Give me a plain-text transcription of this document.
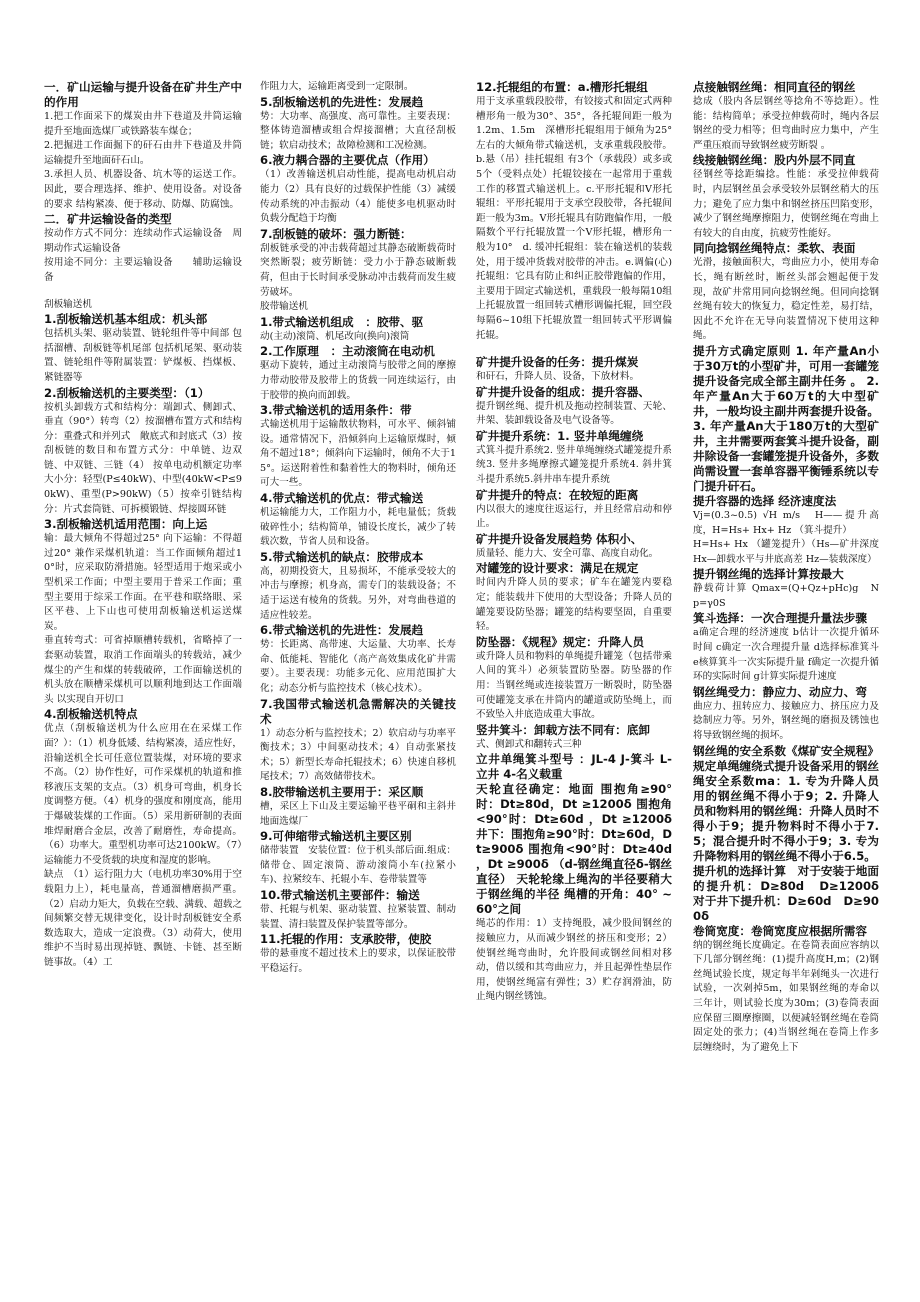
一．矿山运输与提升设备在矿井生产中的作用

1.把工作面采下的煤炭由井下巷道及井筒运输提升至地面选煤厂或铁路装车煤仓；

2.把掘进工作面掘下的矸石由井下巷道及井筒运输提升至地面矸石山。

3.承担人员、机器设备、坑木等的运送工作。因此，要合理选择、维护、使用设备。对设备的要求 结构紧凑、便于移动、防爆、防腐蚀。

二．矿井运输设备的类型

按动作方式不同分：连续动作式运输设备　周期动作式运输设备

按用途不同分：主要运输设备　　辅助运输设备

刮板输送机

1.刮板输送机基本组成：机头部

包括机头架、驱动装置、链轮组件等中间部 包括溜槽、刮板链等机尾部 包括机尾架、驱动装置、链轮组件等附属装置：铲煤板、挡煤板、紧链器等

2.刮板输送机的主要类型：（1）

按机头卸载方式和结构分：端卸式、侧卸式、垂直（90°）转弯（2）按溜槽布置方式和结构分：重叠式和并列式　敞底式和封底式（3）按刮板链的数目和布置方式分：中单链、边双链、中双链、三链（4） 按单电动机额定功率大小分：轻型(P≤40kW)、中型(40kW<P≤90kW)、重型(P>90kW)（5）按牵引链结构分：片式套筒链、可拆模锻链、焊接圆环链

3.刮板输送机适用范围：向上运

输：最大倾角不得超过25° 向下运输：不得超过20° 兼作采煤机轨道：当工作面倾角超过10°时，应采取防滑措施。轻型适用于炮采或小型机采工作面；中型主要用于普采工作面；重型主要用于综采工作面。在平巷和联络眼、采区平巷、上下山也可使用刮板输送机运送煤炭。

垂直转弯式：可省掉顺槽转载机，省略掉了一套驱动装置，取消工作面端头的转载站，减少煤尘的产生和煤的转载破碎，工作面输送机的机头放在顺槽采煤机可以顺利地到达工作面端头 以实现自开切口

4.刮板输送机特点

优点（刮板输送机为什么应用在在采煤工作面？）：（1）机身低矮、结构紧凑，适应性好，沿输送机全长可任意位置装煤，对环境的要求不高。（2）协作性好，可作采煤机的轨道和推移液压支架的支点。（3）机身可弯曲，机身长度调整方便。（4）机身的强度和刚度高，能用于爆破装煤的工作面。（5）采用新研制的表面堆焊耐磨合金层，改善了耐磨性，寿命提高。（6）功率大。重型机功率可达2100kW。（7）运输能力不受货载的块度和湿度的影响。

缺点　（1）运行阻力大（电机功率30%用于空载阻力上），耗电量高，普通溜槽磨损严重。（2）启动力矩大，负载在空载、满载、超载之间频繁交替无规律变化，设计时刮板链安全系数选取大，造成一定浪费。（3）动荷大，使用维护不当时易出现掉链、飘链、卡链、甚至断链事故。（4）工

作阻力大，运输距离受到一定限制。

5.刮板输送机的先进性：发展趋

势：大功率、高强度、高可靠性。主要表现：整体铸造溜槽或组合焊接溜槽；大直径刮板链；软启动技术；故障检测和工况检测。

6.液力耦合器的主要优点（作用）

（1）改善输送机启动性能，提高电动机启动能力（2）具有良好的过载保护性能（3）减缓传动系统的冲击振动（4）能使多电机驱动时负载分配趋于均衡

7.刮板链的破坏：强力断链：

刮板链承受的冲击载荷超过其静态破断载荷时突然断裂；疲劳断链：受力小于静态破断载荷，但由于长时间承受脉动冲击载荷而发生疲劳破坏。

胶带输送机

1.带式输送机组成　：胶带、驱

动(主动)滚筒、机尾改向(换向)滚筒

2.工作原理　：主动滚筒在电动机

驱动下旋转，通过主动滚筒与胶带之间的摩擦力带动胶带及胶带上的货载一同连续运行，由于胶带的换向而卸载。

3.带式输送机的适用条件：带

式输送机用于运输散状物料，可水平、倾斜铺设。通常情况下，沿倾斜向上运输原煤时，倾角不超过18°；倾斜向下运输时，倾角不大于15°。运送附着性和黏着性大的物料时，倾角还可大一些。

4.带式输送机的优点：带式输送

机运输能力大，工作阻力小，耗电量低；货载破碎性小；结构简单，铺设长度长，减少了转载次数，节省人员和设备。

5.带式输送机的缺点：胶带成本

高，初期投资大，且易损坏，不能承受较大的冲击与摩擦；机身高，需专门的装载设备；不适于运送有棱角的货载。另外，对弯曲巷道的适应性较差。

6.带式输送机的先进性：发展趋

势：长距离、高带速、大运量、大功率、长寿命、低能耗、智能化（高产高效集成化矿井需要）。主要表现：功能多元化、应用范围扩大化；动态分析与监控技术（核心技术）。

7.我国带式输送机急需解决的关键技术

1）动态分析与监控技术；2）软启动与功率平衡技术；3）中间驱动技术；4）自动张紧技术；5）新型长寿命托辊技术；6）快速自移机尾技术；7）高效储带技术。

8.胶带输送机主要用于：采区顺

槽，采区上下山及主要运输平巷平硐和主斜井 地面选煤厂

9.可伸缩带式输送机主要区别

储带装置　安装位置：位于机头部后面.组成：储带仓、固定滚筒、游动滚筒小车(拉紧小车)、拉紧绞车、托辊小车、卷带装置等

10.带式输送机主要部件：输送

带、托辊与机架、驱动装置、拉紧装置、制动装置、清扫装置及保护装置等部分。

11.托辊的作用：支承胶带，使胶

带的悬垂度不超过技术上的要求，以保证胶带平稳运行。

12.托辊组的布置：a.槽形托辊组

用于支承重载段胶带，有铰接式和固定式两种 槽形角一般为30°、35°，各托辊间距一般为1.2m、1.5m　深槽形托辊组用于倾角为25°左右的大倾角带式输送机，支承重载段胶带。b.悬（吊）挂托辊组 有3个（承载段）或多或5个（受料点处）托辊铰接在一起常用于重载工作的移置式输送机上。c.平形托辊和V形托辊组：平形托辊用于支承空段胶带，各托辊间距一般为3m。V形托辊具有防跑偏作用，一般隔数个平行托辊放置一个V形托辊，槽形角一般为10°　d. 缓冲托辊组：装在输送机的装载处，用于缓冲货载对胶带的冲击。e.调偏(心)托辊组：它具有防止和纠正胶带跑偏的作用，主要用于固定式输送机，重载段一般每隔10组上托辊放置一组回转式槽形调偏托辊，回空段每隔6~10组下托辊放置一组回转式平形调偏托辊。

矿井提升设备的任务：提升煤炭

和矸石，升降人员、设备，下放材料。

矿井提升设备的组成：提升容器、

提升钢丝绳、提升机及拖动控制装置、天轮、井架、装卸载设备及电气设备等。

矿井提升系统：1. 竖井单绳缠绕

式箕斗提升系统2. 竖井单绳缠绕式罐笼提升系统3. 竖井多绳摩擦式罐笼提升系统4. 斜井箕斗提升系统5.斜井串车提升系统

矿井提升的特点：在较短的距离

内以很大的速度往返运行，并且经常启动和停止。

矿井提升设备发展趋势 体积小、

质量轻、能力大、安全可靠、高度自动化。

对罐笼的设计要求：满足在规定

时间内升降人员的要求；矿车在罐笼内要稳定；能装载井下使用的大型设备；升降人员的罐笼要设防坠器；罐笼的结构要坚固，自重要轻。

防坠器：《规程》规定：升降人员

或升降人员和物料的单绳提升罐笼（包括带乘人间的箕斗）必须装置防坠器。防坠器的作用：当钢丝绳或连接装置万一断裂时，防坠器可使罐笼支承在井筒内的罐道或防坠绳上，而不致坠入井底造成重大事故。

竖井箕斗：卸载方法不同有：底卸

式、侧卸式和翻转式三种

立井单绳箕斗型号 ：JL-4 J-箕斗 L-立井 4-名义载重

天轮直径确定：地面 围抱角≥90°时：Dt≥80d，Dt ≥1200δ 围抱角<90°时：Dt≥60d ，Dt ≥1200δ　井下：围抱角≥90°时：Dt≥60d，Dt≥900δ 围抱角<90°时：Dt≥40d ，Dt ≥900δ （d-钢丝绳直径δ-钢丝直径） 天轮轮缘上绳沟的半径要稍大于钢丝绳的半径 绳槽的开角：40° ~ 60°之间

绳芯的作用：1）支持绳股，减少股间钢丝的接触应力，从而减少钢丝的挤压和变形；2）使钢丝绳弯曲时，允许股间或钢丝间相对移动，借以缓和其弯曲应力，并且起弹性垫层作用，使钢丝绳富有弹性；3）贮存润滑油，防止绳内钢丝锈蚀。

点接触钢丝绳：相同直径的钢丝

捻成（股内各层钢丝等捻角不等捻距）。性能：结构简单；承受拉伸载荷时，绳内各层钢丝的受力相等；但弯曲时应力集中，产生严重压痕而导致钢丝疲劳断裂 。

线接触钢丝绳：股内外层不同直

径钢丝等捻距编捻。性能：承受拉伸载荷时，内层钢丝虽会承受较外层钢丝稍大的压力；避免了应力集中和钢丝挤压凹陷变形，减少了钢丝绳摩擦阻力，使钢丝绳在弯曲上有较大的自由度，抗疲劳性能好。

同向捻钢丝绳特点：柔软、表面

光滑，接触面积大，弯曲应力小，使用寿命长，绳有断丝时，断丝头部会翘起便于发现，故矿井常用同向捻钢丝绳。但同向捻钢丝绳有较大的恢复力，稳定性差，易打结，因此不允许在无导向装置情况下使用这种绳。

提升方式确定原则 1. 年产量An小于30万t的小型矿井，可用一套罐笼提升设备完成全部主副井任务 。 2. 年产量An大于60万t的大中型矿井，一般均设主副井两套提升设备。 3. 年产量An大于180万t的大型矿井，主井需要两套箕斗提升设备，副井除设备一套罐笼提升设备外，多数尚需设置一套单容器平衡锤系统以专门提升矸石。

提升容器的选择 经济速度法

Vj=(0.3~0.5) √H m/s　H——提升高度，H=Hs+ Hx+ Hz （箕斗提升）

H=Hs+ Hx （罐笼提升）（Hs—矿井深度 Hx—卸载水平与井底高差 Hz—装载深度）

提升钢丝绳的选择计算按最大

静载荷计算 Qmax=(Q+Qz+pHc)g　N　p=γ0S

箕斗选择：一次合理提升量法步骤

a确定合理的经济速度 b估计一次提升循环时间 c确定一次合理提升量 d选择标准箕斗 e核算箕斗一次实际提升量 f确定一次提升循环的实际时间 g计算实际提升速度

钢丝绳受力：静应力、动应力、弯

曲应力、扭转应力、接触应力、挤压应力及捻制应力等。另外，钢丝绳的磨损及锈蚀也将导致钢丝绳的损坏。

钢丝绳的安全系数《煤矿安全规程》规定单绳缠绕式提升设备采用的钢丝绳安全系数ma：1. 专为升降人员用的钢丝绳不得小于9；2. 升降人员和物料用的钢丝绳：升降人员时不得小于9；提升物料时不得小于7.5；混合提升时不得小于9；3. 专为升降物料用的钢丝绳不得小于6.5。

提升机的选择计算　对于安装于地面的提升机：D≥80d　D≥1200δ 对于井下提升机：D≥60d　D≥900δ

卷筒宽度：卷筒宽度应根据所需容

纳的钢丝绳长度确定。在卷筒表面应容纳以下几部分钢丝绳：(1)提升高度H,m；(2)钢丝绳试验长度，规定每半年剁绳头一次进行试验，一次剁掉5m，如果钢丝绳的寿命以三年计，则试验长度为30m；(3)卷筒表面应保留三圈摩擦圈，以便减轻钢丝绳在卷筒固定处的张力；(4)当钢丝绳在卷筒上作多层缠绕时，为了避免上下
